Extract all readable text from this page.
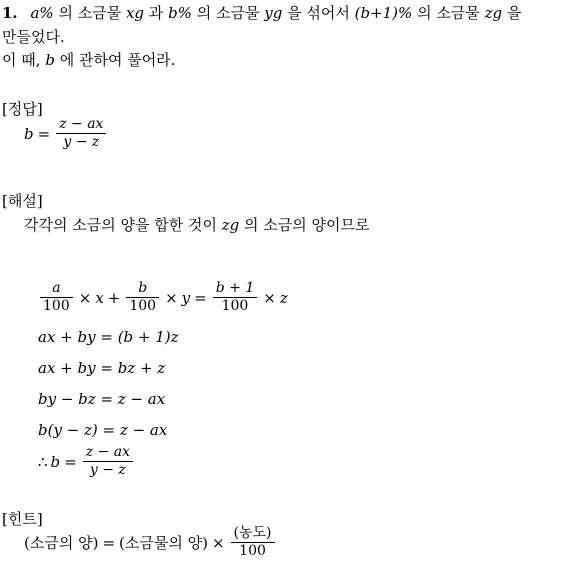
1. a% 의 소금물 xg 과 b% 의 소금물 yg 을 섞어서 (b+1)% 의 소금물 zg 을
만들었다.
이 때, b 에 관하여 풀어라.
[정답]
$b = \frac{z - ax}{y - z}$
[해설]
각각의 소금의 양을 합한 것이 zg 의 소금의 양이므로
$\frac{a}{100} \times x + \frac{b}{100} \times y = \frac{b + 1}{100} \times z$
ax + by = (b + 1)z
ax + by = bz + z
by − bz = z − ax
b(y − z) = z − ax
∴ $b = \frac{z - ax}{y - z}$
[힌트]
(소금의 양) = (소금물의 양) × $\frac{\text{(농도)}}{100}$
